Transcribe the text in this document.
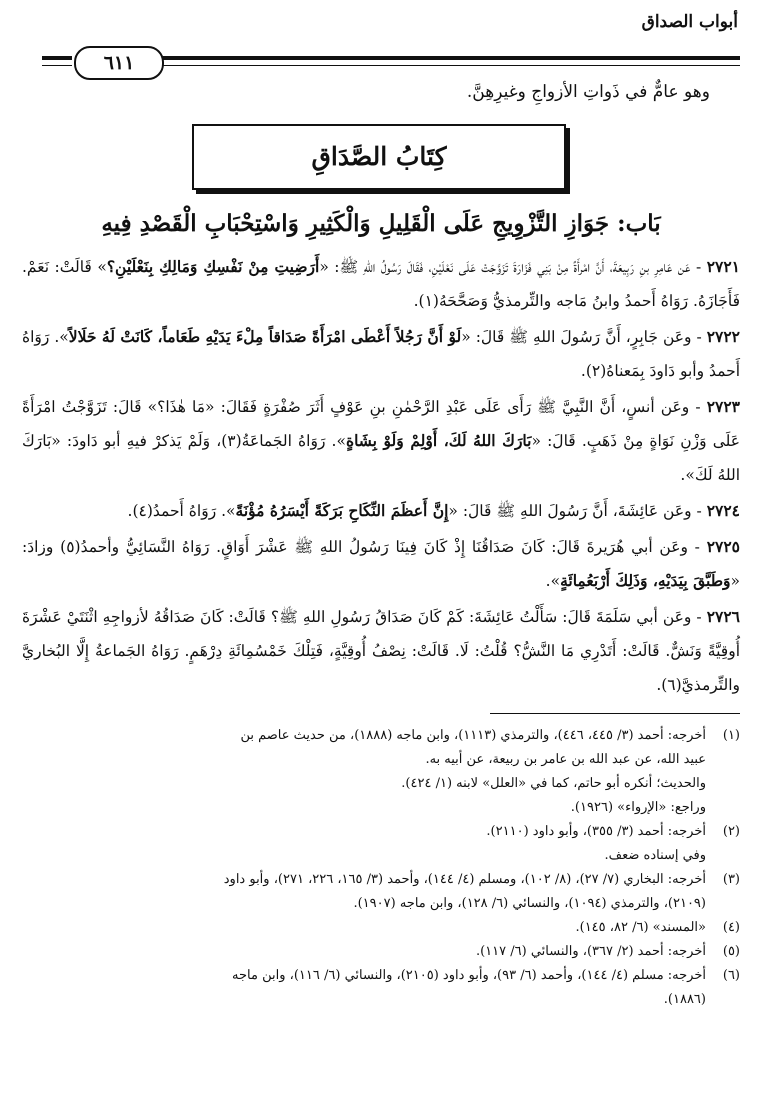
أبواب الصداق
٦١١
وهو عامٌّ في ذَواتِ الأزواجِ وغيرِهِنَّ.
كِتَابُ الصَّدَاقِ
بَاب: جَوَازِ التَّزْوِيجِ عَلَى الْقَلِيلِ وَالْكَثِيرِ وَاسْتِحْبَابِ الْقَصْدِ فِيهِ

٢٧٢١ - عَن عَامِرِ بنِ رَبِيعَةَ، أَنَّ امْرأَةً مِنْ بَنِي فَزَارَةَ تَزَوَّجَتْ عَلَى نَعْلَيْنِ، فَقَالَ رَسُولُ اللهِ ﷺ: «أَرَضِيتِ مِنْ نَفْسِكِ وَمَالِكِ بِنَعْلَيْنِ؟» قَالَتْ: نَعَمْ. فَأَجَازَهُ. رَوَاهُ أَحمدُ وابنُ مَاجه والتِّرمذيُّ وَصَحَّحَهُ(١).

٢٧٢٢ - وعَن جَابِرٍ، أَنَّ رَسُولَ اللهِ ﷺ قَالَ: «لَوْ أَنَّ رَجُلاً أَعْطَى امْرَأَةً صَدَاقاً مِلْءَ يَدَيْهِ طَعَاماً، كَانَتْ لَهُ حَلَالاً». رَوَاهُ أَحمدُ وأبو دَاودَ بِمَعناهُ(٢).

٢٧٢٣ - وعَن أنسٍ، أَنَّ النَّبِيَّ ﷺ رَأَى عَلَى عَبْدِ الرَّحْمٰنِ بنِ عَوْفٍ أَثَرَ صُفْرَةٍ فَقَالَ: «مَا هٰذَا؟» قَالَ: تَزَوَّجْتُ امْرَأَةً عَلَى وَزْنِ نَوَاةٍ مِنْ ذَهَبٍ. قَالَ: «بَارَكَ اللهُ لَكَ، أَوْلِمْ وَلَوْ بِشَاةٍ». رَوَاهُ الجَماعَةُ(٣)، وَلَمْ يَذكرْ فيهِ أبو دَاودَ: «بَارَكَ اللهُ لَكَ».

٢٧٢٤ - وعَن عَائِشَةَ، أَنَّ رَسُولَ اللهِ ﷺ قَالَ: «إِنَّ أَعظَمَ النِّكَاحِ بَرَكَةً أَيْسَرُهُ مُؤْنَةً». رَوَاهُ أَحمدُ(٤).

٢٧٢٥ - وعَن أبي هُرَيرةَ قَالَ: كَانَ صَدَاقُنَا إِذْ كَانَ فِينَا رَسُولُ اللهِ ﷺ عَشْرَ أَوَاقٍ. رَوَاهُ النَّسَائِيُّ وأحمدُ(٥) وزادَ: «وَطَبَّقَ بِيَدَيْهِ، وَذَلِكَ أَرْبَعُمِائَةٍ».

٢٧٢٦ - وعَن أبي سَلَمَةَ قَالَ: سَأَلْتُ عَائِشَةَ: كَمْ كَانَ صَدَاقُ رَسُولِ اللهِ ﷺ؟ قَالَتْ: كَانَ صَدَاقُهُ لأزواجِهِ اثْنَتَيْ عَشْرَةَ أُوقِيَّةً وَنَشٌّ. قَالَتْ: أَتَدْرِي مَا النَّشُّ؟ قُلْتُ: لَا. قَالَتْ: نِصْفُ أُوقِيَّةٍ، فَتِلْكَ خَمْسُمِائَةِ دِرْهَمٍ. رَوَاهُ الجَماعةُ إِلَّا البُخاريَّ والتِّرمذيَّ(٦).

(١)
أخرجه: أحمد (٣/ ٤٤٥، ٤٤٦)، والترمذي (١١١٣)، وابن ماجه (١٨٨٨)، من حديث عاصم بن
عبيد الله، عن عبد الله بن عامر بن ربيعة، عن أبيه به.
والحديث؛ أنكره أبو حاتم، كما في «العلل» لابنه (١/ ٤٢٤).
وراجع: «الإرواء» (١٩٢٦).
(٢)
أخرجه: أحمد (٣/ ٣٥٥)، وأبو داود (٢١١٠).
وفي إسناده ضعف.
(٣)
أخرجه: البخاري (٧/ ٢٧)، (٨/ ١٠٢)، ومسلم (٤/ ١٤٤)، وأحمد (٣/ ١٦٥، ٢٢٦، ٢٧١)، وأبو داود
(٢١٠٩)، والترمذي (١٠٩٤)، والنسائي (٦/ ١٢٨)، وابن ماجه (١٩٠٧).
(٤)
«المسند» (٦/ ٨٢، ١٤٥).
(٥)
أخرجه: أحمد (٢/ ٣٦٧)، والنسائي (٦/ ١١٧).
(٦)
أخرجه: مسلم (٤/ ١٤٤)، وأحمد (٦/ ٩٣)، وأبو داود (٢١٠٥)، والنسائي (٦/ ١١٦)، وابن ماجه
(١٨٨٦).
